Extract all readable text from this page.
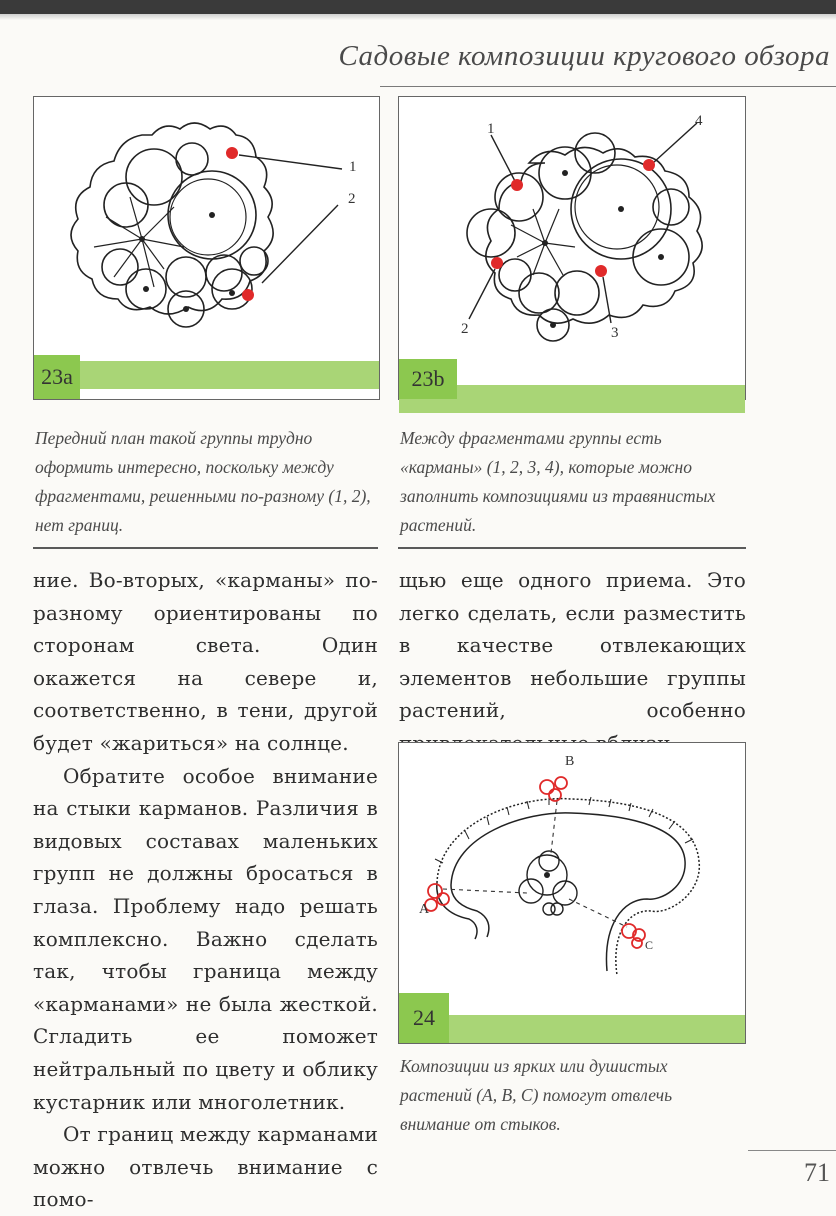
Садовые композиции кругового обзора
1
2
23a
1
2	3
4
23b
Передний план такой группы трудно оформить интересно, поскольку между фрагментами, решенными по-разному (1, 2), нет границ.
Между фрагментами группы есть «карманы» (1, 2, 3, 4), которые можно заполнить композициями из травянистых растений.

ние. Во-вторых, «карманы» по-разному ориентированы по сторонам света. Один окажется на севере и, соответственно, в тени, другой будет «жариться» на солнце.

Обратите особое внимание на стыки карманов. Различия в видовых составах маленьких групп не должны бросаться в глаза. Проблему надо решать комплексно. Важно сделать так, чтобы граница между «карманами» не была жесткой. Сгладить ее поможет нейтральный по цвету и облику кустарник или многолетник.

От границ между карманами можно отвлечь внимание с помо-

щью еще одного приема. Это легко сделать, если разместить в качестве отвлекающих элементов небольшие группы растений, особенно

A
B
C
24
Композиции из ярких или душистых растений (А, В, С) помогут отвлечь внимание от стыков.
71
